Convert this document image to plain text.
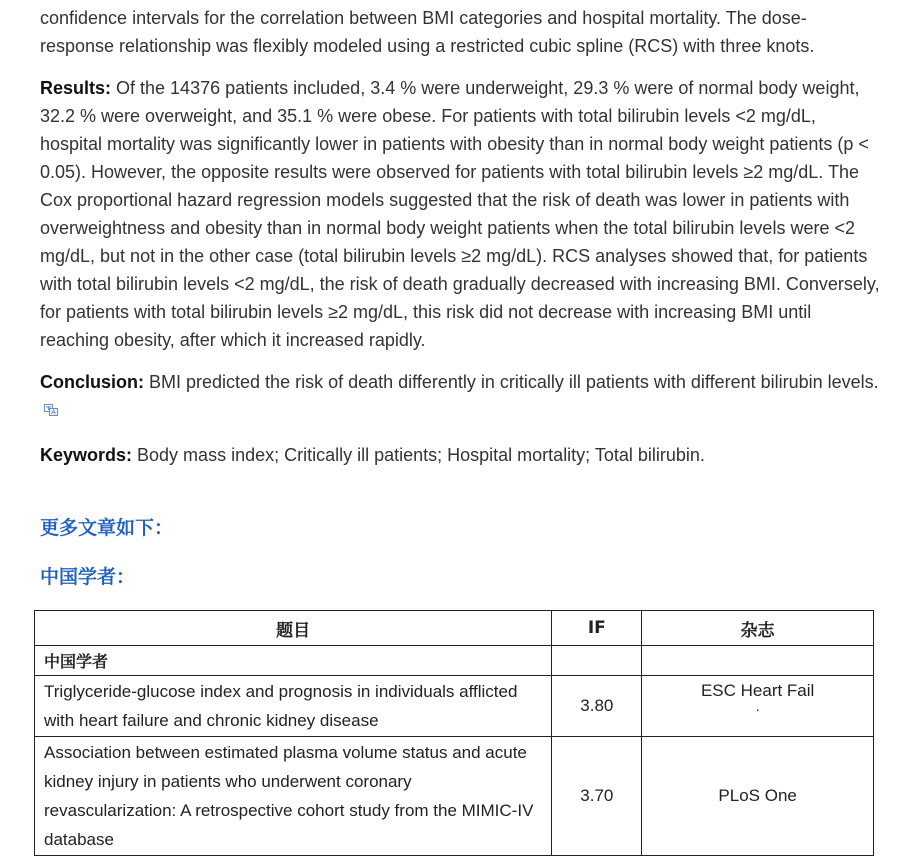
confidence intervals for the correlation between BMI categories and hospital mortality. The dose-response relationship was flexibly modeled using a restricted cubic spline (RCS) with three knots.

Results: Of the 14376 patients included, 3.4 % were underweight, 29.3 % were of normal body weight, 32.2 % were overweight, and 35.1 % were obese. For patients with total bilirubin levels <2 mg/dL, hospital mortality was significantly lower in patients with obesity than in normal body weight patients (p < 0.05). However, the opposite results were observed for patients with total bilirubin levels ≥2 mg/dL. The Cox proportional hazard regression models suggested that the risk of death was lower in patients with overweightness and obesity than in normal body weight patients when the total bilirubin levels were <2 mg/dL, but not in the other case (total bilirubin levels ≥2 mg/dL). RCS analyses showed that, for patients with total bilirubin levels <2 mg/dL, the risk of death gradually decreased with increasing BMI. Conversely, for patients with total bilirubin levels ≥2 mg/dL, this risk did not decrease with increasing BMI until reaching obesity, after which it increased rapidly.

Conclusion: BMI predicted the risk of death differently in critically ill patients with different bilirubin levels.

Keywords: Body mass index; Critically ill patients; Hospital mortality; Total bilirubin.

更多文章如下：
中国学者：
题目	IF	杂志
中国学者		
Triglyceride-glucose index and prognosis in individuals afflicted with heart failure and chronic kidney disease	3.80	ESC Heart Fail
.

Association between estimated plasma volume status and acute kidney injury in patients who underwent coronary revascularization: A retrospective cohort study from the MIMIC-IV database	3.70	PLoS One
